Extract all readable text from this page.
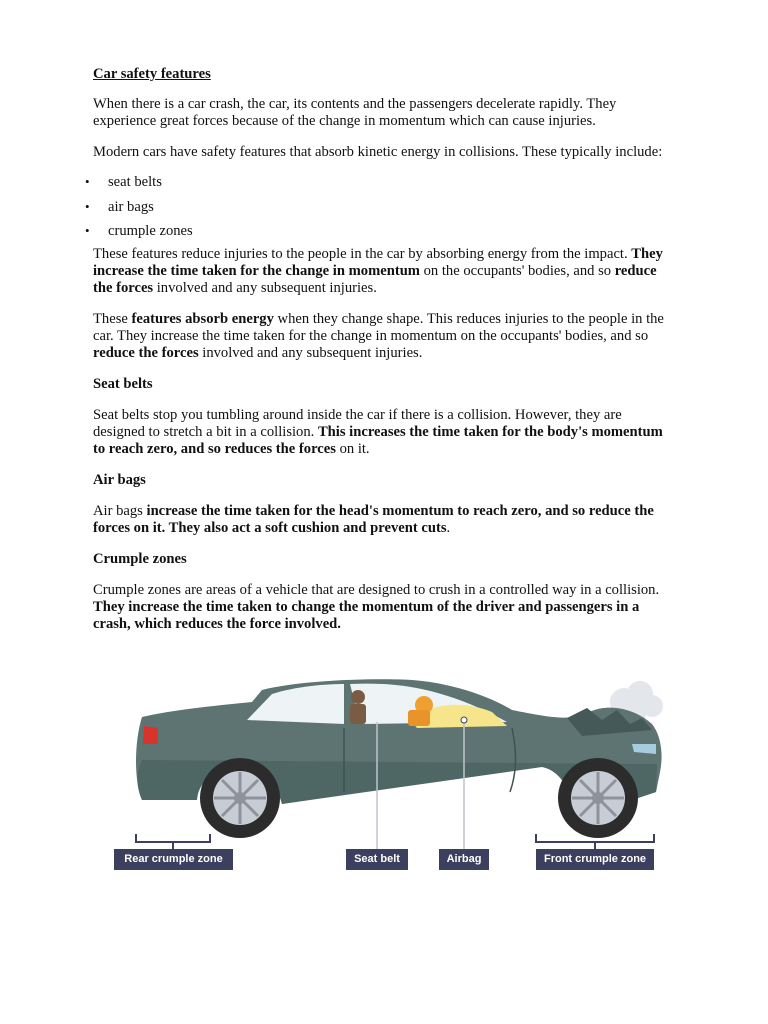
Car safety features

When there is a car crash, the car, its contents and the passengers decelerate rapidly. They experience great forces because of the change in momentum which can cause injuries.

Modern cars have safety features that absorb kinetic energy in collisions. These typically include:

• seat belts
• air bags
• crumple zones

These features reduce injuries to the people in the car by absorbing energy from the impact. They increase the time taken for the change in momentum on the occupants' bodies, and so reduce the forces involved and any subsequent injuries.

These features absorb energy when they change shape. This reduces injuries to the people in the car. They increase the time taken for the change in momentum on the occupants' bodies, and so reduce the forces involved and any subsequent injuries.

Seat belts

Seat belts stop you tumbling around inside the car if there is a collision. However, they are designed to stretch a bit in a collision. This increases the time taken for the body's momentum to reach zero, and so reduces the forces on it.

Air bags

Air bags increase the time taken for the head's momentum to reach zero, and so reduce the forces on it. They also act a soft cushion and prevent cuts.

Crumple zones

Crumple zones are areas of a vehicle that are designed to crush in a controlled way in a collision. They increase the time taken to change the momentum of the driver and passengers in a crash, which reduces the force involved.

Rear crumple zone	Seat belt	Airbag	Front crumple zone
